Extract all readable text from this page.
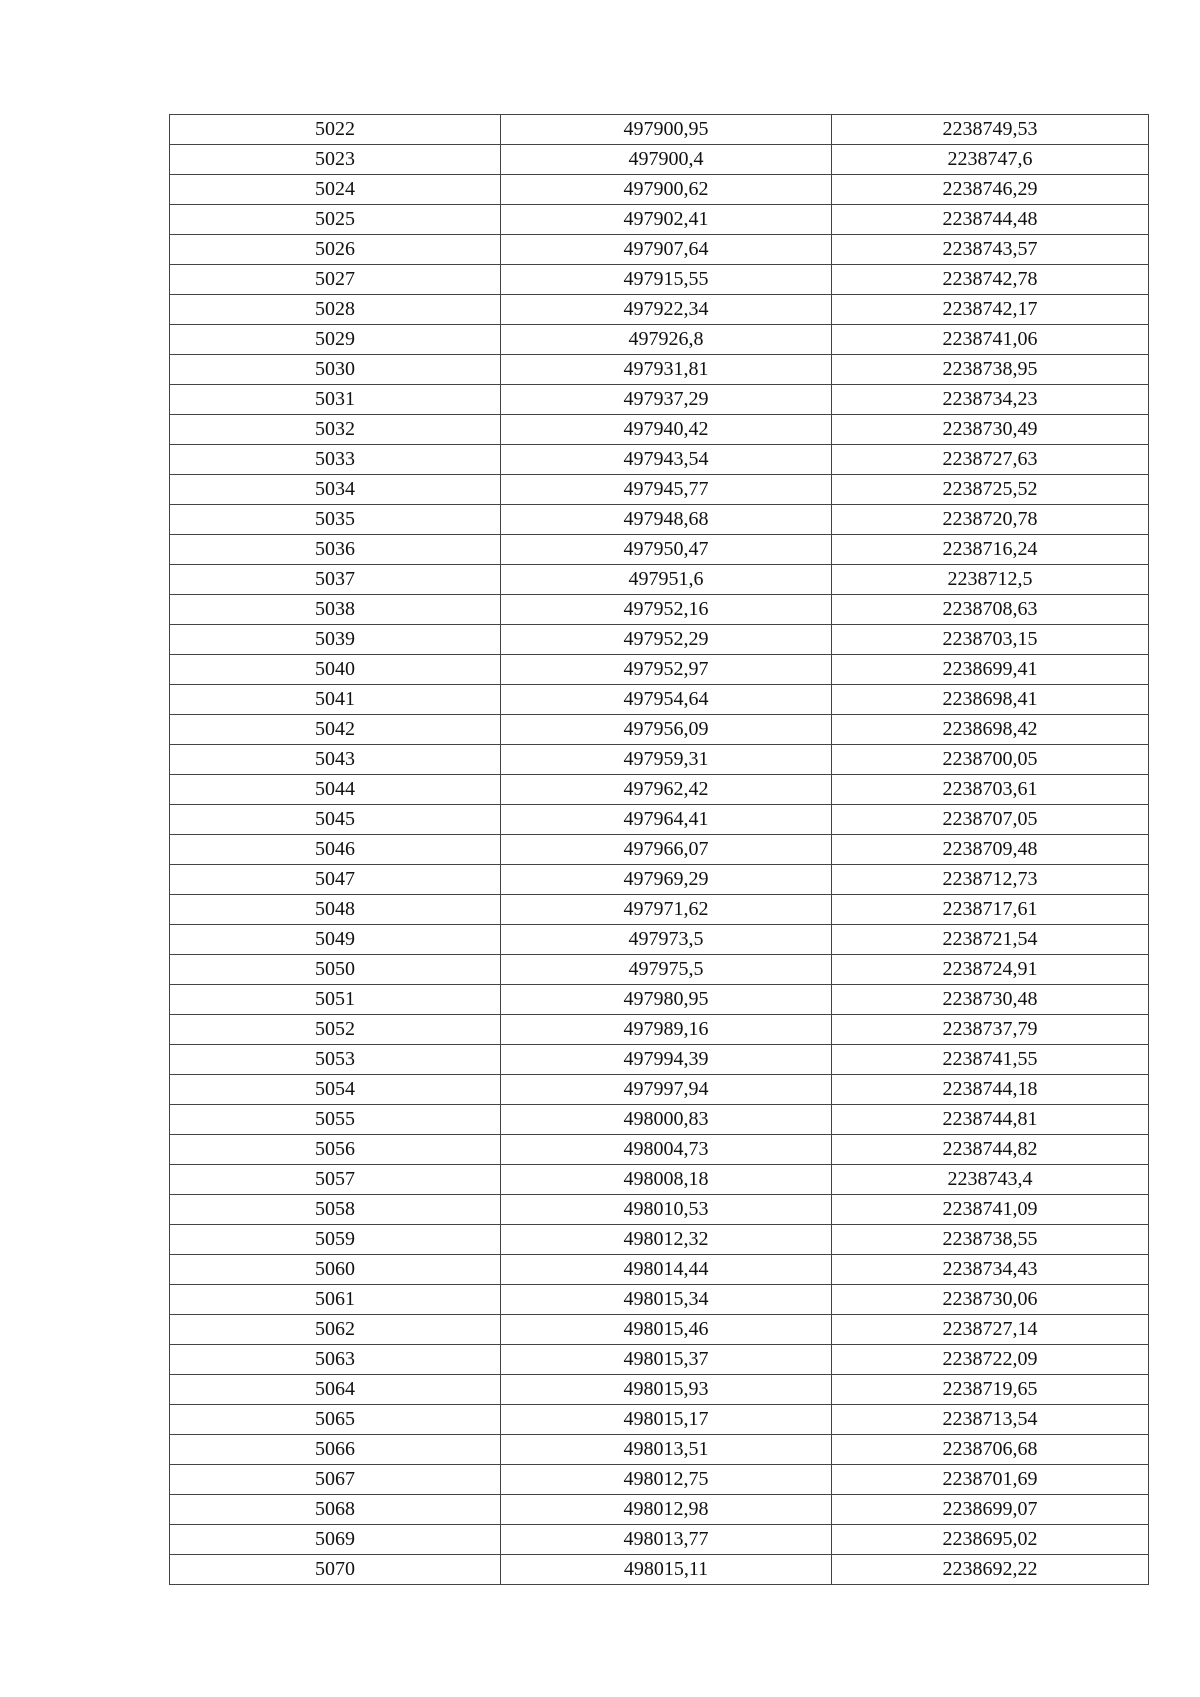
5022	497900,95	2238749,53
5023	497900,4	2238747,6
5024	497900,62	2238746,29
5025	497902,41	2238744,48
5026	497907,64	2238743,57
5027	497915,55	2238742,78
5028	497922,34	2238742,17
5029	497926,8	2238741,06
5030	497931,81	2238738,95
5031	497937,29	2238734,23
5032	497940,42	2238730,49
5033	497943,54	2238727,63
5034	497945,77	2238725,52
5035	497948,68	2238720,78
5036	497950,47	2238716,24
5037	497951,6	2238712,5
5038	497952,16	2238708,63
5039	497952,29	2238703,15
5040	497952,97	2238699,41
5041	497954,64	2238698,41
5042	497956,09	2238698,42
5043	497959,31	2238700,05
5044	497962,42	2238703,61
5045	497964,41	2238707,05
5046	497966,07	2238709,48
5047	497969,29	2238712,73
5048	497971,62	2238717,61
5049	497973,5	2238721,54
5050	497975,5	2238724,91
5051	497980,95	2238730,48
5052	497989,16	2238737,79
5053	497994,39	2238741,55
5054	497997,94	2238744,18
5055	498000,83	2238744,81
5056	498004,73	2238744,82
5057	498008,18	2238743,4
5058	498010,53	2238741,09
5059	498012,32	2238738,55
5060	498014,44	2238734,43
5061	498015,34	2238730,06
5062	498015,46	2238727,14
5063	498015,37	2238722,09
5064	498015,93	2238719,65
5065	498015,17	2238713,54
5066	498013,51	2238706,68
5067	498012,75	2238701,69
5068	498012,98	2238699,07
5069	498013,77	2238695,02
5070	498015,11	2238692,22
